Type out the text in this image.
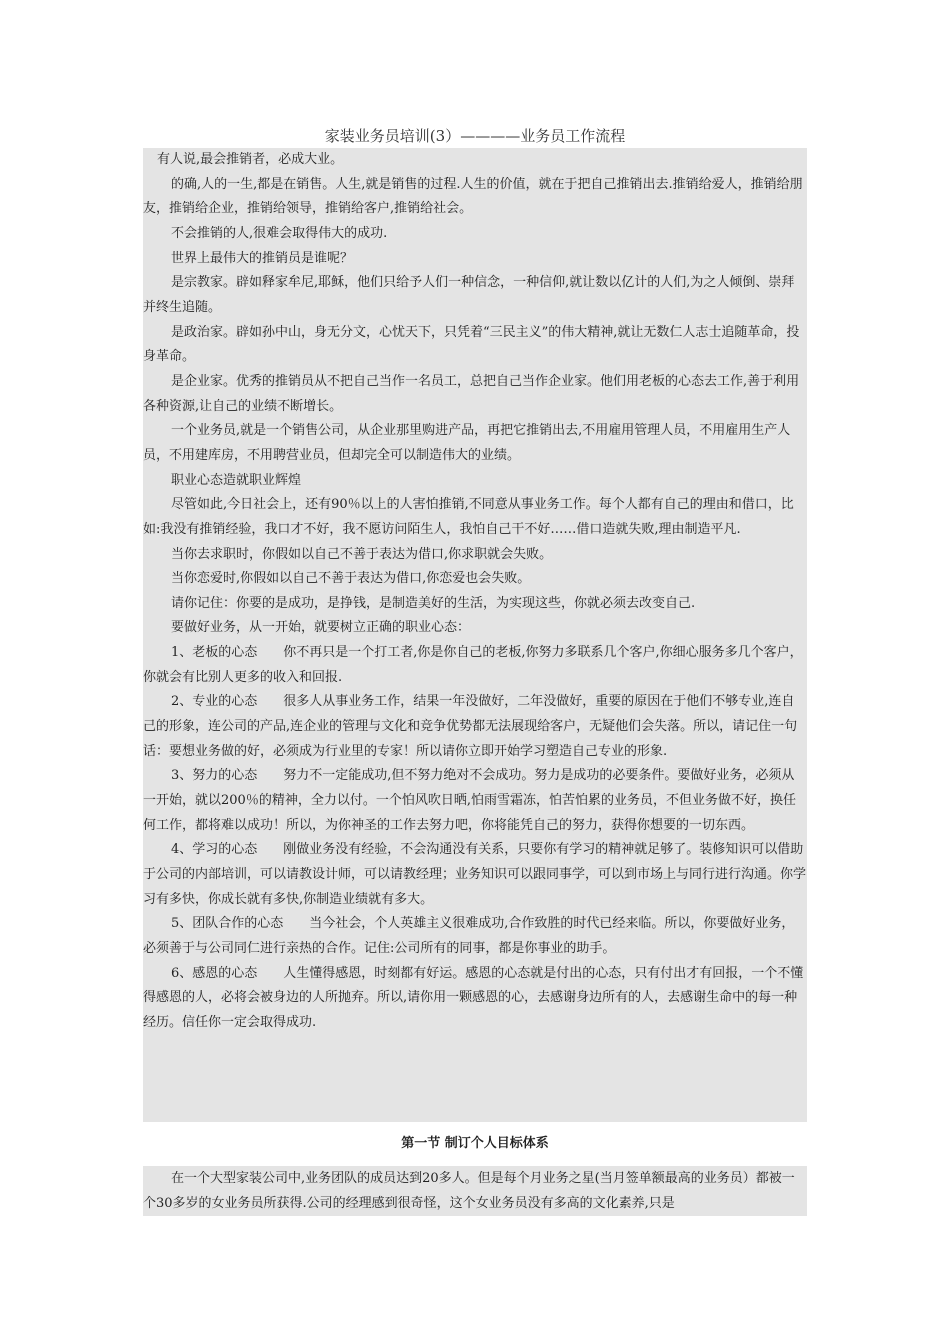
家装业务员培训(3）————业务员工作流程

有人说,最会推销者，必成大业。

的确,人的一生,都是在销售。人生,就是销售的过程.人生的价值，就在于把自己推销出去.推销给爱人，推销给朋友，推销给企业，推销给领导，推销给客户,推销给社会。

不会推销的人,很难会取得伟大的成功.

世界上最伟大的推销员是谁呢？

是宗教家。辟如释家牟尼,耶稣，他们只给予人们一种信念，一种信仰,就让数以亿计的人们,为之人倾倒、崇拜并终生追随。

是政治家。辟如孙中山，身无分文，心忧天下，只凭着“三民主义”的伟大精神,就让无数仁人志士追随革命，投身革命。

是企业家。优秀的推销员从不把自己当作一名员工，总把自己当作企业家。他们用老板的心态去工作,善于利用各种资源,让自己的业绩不断增长。

一个业务员,就是一个销售公司，从企业那里购进产品，再把它推销出去,不用雇用管理人员，不用雇用生产人员，不用建库房，不用聘营业员，但却完全可以制造伟大的业绩。

职业心态造就职业辉煌

尽管如此,今日社会上，还有90％以上的人害怕推销,不同意从事业务工作。每个人都有自己的理由和借口，比如:我没有推销经验，我口才不好，我不愿访问陌生人，我怕自己干不好……借口造就失败,理由制造平凡.

当你去求职时，你假如以自己不善于表达为借口,你求职就会失败。

当你恋爱时,你假如以自己不善于表达为借口,你恋爱也会失败。

请你记住：你要的是成功，是挣钱，是制造美好的生活，为实现这些，你就必须去改变自己.

要做好业务，从一开始，就要树立正确的职业心态：

1、老板的心态　　你不再只是一个打工者,你是你自己的老板,你努力多联系几个客户,你细心服务多几个客户，你就会有比别人更多的收入和回报.

2、专业的心态　　很多人从事业务工作，结果一年没做好，二年没做好，重要的原因在于他们不够专业,连自己的形象，连公司的产品,连企业的管理与文化和竞争优势都无法展现给客户，无疑他们会失落。所以，请记住一句话：要想业务做的好，必须成为行业里的专家！所以请你立即开始学习塑造自己专业的形象.

3、努力的心态　　努力不一定能成功,但不努力绝对不会成功。努力是成功的必要条件。要做好业务，必须从一开始，就以200％的精神，全力以付。一个怕风吹日晒,怕雨雪霜冻，怕苦怕累的业务员，不但业务做不好，换任何工作，都将难以成功！所以，为你神圣的工作去努力吧，你将能凭自己的努力，获得你想要的一切东西。

4、学习的心态　　刚做业务没有经验，不会沟通没有关系，只要你有学习的精神就足够了。装修知识可以借助于公司的内部培训，可以请教设计师，可以请教经理；业务知识可以跟同事学，可以到市场上与同行进行沟通。你学习有多快，你成长就有多快,你制造业绩就有多大。

5、团队合作的心态　　当今社会，个人英雄主义很难成功,合作致胜的时代已经来临。所以，你要做好业务，必须善于与公司同仁进行亲热的合作。记住:公司所有的同事，都是你事业的助手。

6、感恩的心态　　人生懂得感恩，时刻都有好运。感恩的心态就是付出的心态，只有付出才有回报，一个不懂得感恩的人，必将会被身边的人所抛弃。所以,请你用一颗感恩的心，去感谢身边所有的人，去感谢生命中的每一种经历。信任你一定会取得成功.

第一节 制订个人目标体系

在一个大型家装公司中,业务团队的成员达到20多人。但是每个月业务之星(当月签单额最高的业务员）都被一个30多岁的女业务员所获得.公司的经理感到很奇怪，这个女业务员没有多高的文化素养,只是
